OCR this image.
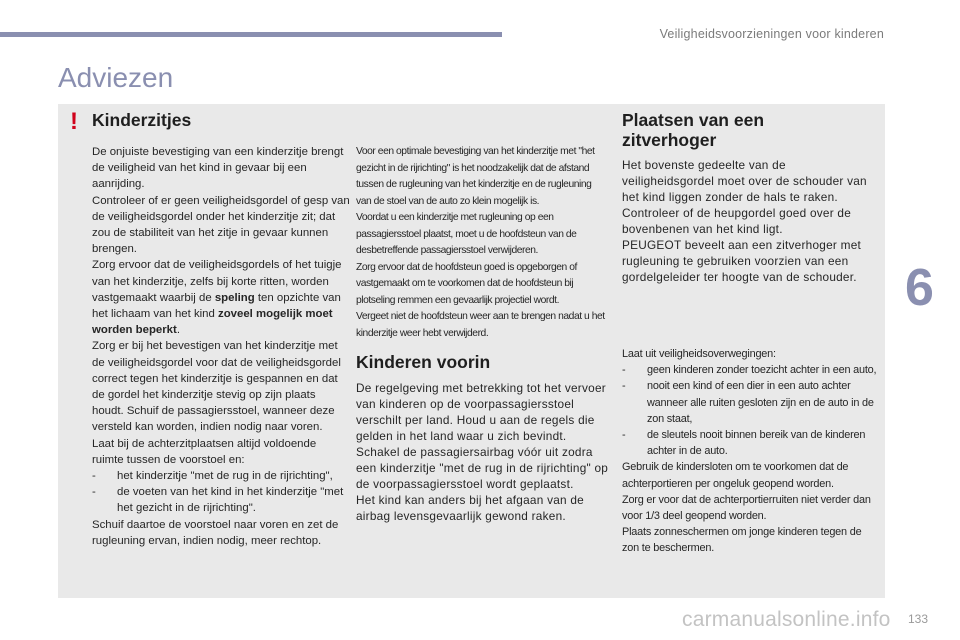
Veiligheidsvoorzieningen voor kinderen
Adviezen
! Kinderzitjes

De onjuiste bevestiging van een kinderzitje brengt de veiligheid van het kind in gevaar bij een aanrijding.

Controleer of er geen veiligheidsgordel of gesp van de veiligheidsgordel onder het kinderzitje zit; dat zou de stabiliteit van het zitje in gevaar kunnen brengen.

Zorg ervoor dat de veiligheidsgordels of het tuigje van het kinderzitje, zelfs bij korte ritten, worden vastgemaakt waarbij de speling ten opzichte van het lichaam van het kind zoveel mogelijk moet worden beperkt.

Zorg er bij het bevestigen van het kinderzitje met de veiligheidsgordel voor dat de veiligheidsgordel correct tegen het kinderzitje is gespannen en dat de gordel het kinderzitje stevig op zijn plaats houdt. Schuif de passagiersstoel, wanneer deze versteld kan worden, indien nodig naar voren.

Laat bij de achterzitplaatsen altijd voldoende ruimte tussen de voorstoel en:

- het kinderzitje "met de rug in de rijrichting",
- de voeten van het kind in het kinderzitje "met het gezicht in de rijrichting".

Schuif daartoe de voorstoel naar voren en zet de rugleuning ervan, indien nodig, meer rechtop.

Voor een optimale bevestiging van het kinderzitje met "het gezicht in de rijrichting" is het noodzakelijk dat de afstand tussen de rugleuning van het kinderzitje en de rugleuning van de stoel van de auto zo klein mogelijk is.

Voordat u een kinderzitje met rugleuning op een passagiersstoel plaatst, moet u de hoofdsteun van de desbetreffende passagiersstoel verwijderen.

Zorg ervoor dat de hoofdsteun goed is opgeborgen of vastgemaakt om te voorkomen dat de hoofdsteun bij plotseling remmen een gevaarlijk projectiel wordt.

Vergeet niet de hoofdsteun weer aan te brengen nadat u het kinderzitje weer hebt verwijderd.

Kinderen voorin

De regelgeving met betrekking tot het vervoer van kinderen op de voorpassagiersstoel verschilt per land. Houd u aan de regels die gelden in het land waar u zich bevindt.

Schakel de passagiersairbag vóór uit zodra een kinderzitje "met de rug in de rijrichting" op de voorpassagiersstoel wordt geplaatst.

Het kind kan anders bij het afgaan van de airbag levensgevaarlijk gewond raken.

Plaatsen van een
zitverhoger

Het bovenste gedeelte van de veiligheidsgordel moet over de schouder van het kind liggen zonder de hals te raken.

Controleer of de heupgordel goed over de bovenbenen van het kind ligt.

PEUGEOT beveelt aan een zitverhoger met rugleuning te gebruiken voorzien van een gordelgeleider ter hoogte van de schouder.

Laat uit veiligheidsoverwegingen:

- geen kinderen zonder toezicht achter in een auto,
- nooit een kind of een dier in een auto achter wanneer alle ruiten gesloten zijn en de auto in de zon staat,
- de sleutels nooit binnen bereik van de kinderen achter in de auto.

Gebruik de kindersloten om te voorkomen dat de achterportieren per ongeluk geopend worden.

Zorg er voor dat de achterportierruiten niet verder dan voor 1/3 deel geopend worden.

Plaats zonneschermen om jonge kinderen tegen de zon te beschermen.

6
carmanualsonline.info 133
